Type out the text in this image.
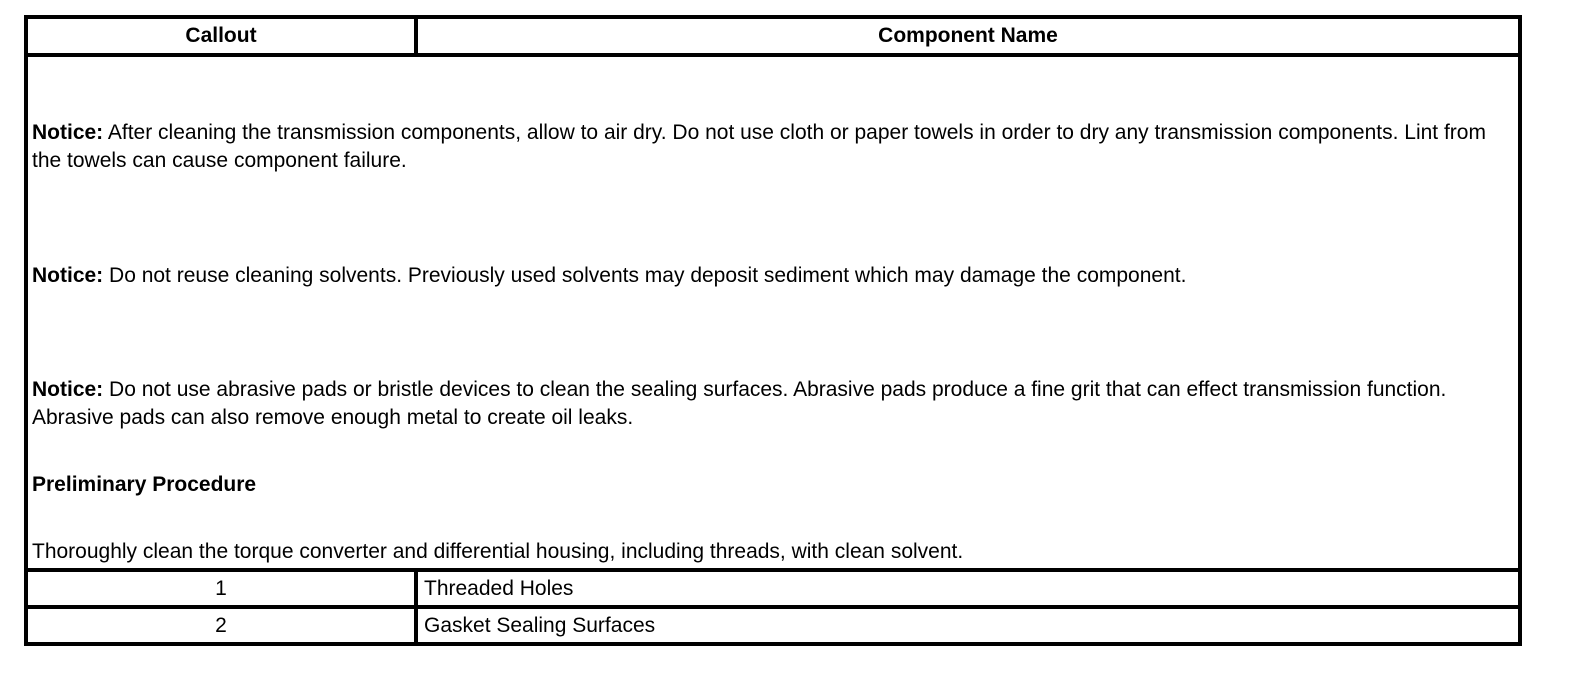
Callout	Component Name

Notice: After cleaning the transmission components, allow to air dry. Do not use cloth or paper towels in order to dry any transmission components. Lint from the towels can cause component failure.

Notice: Do not reuse cleaning solvents. Previously used solvents may deposit sediment which may damage the component.

Notice: Do not use abrasive pads or bristle devices to clean the sealing surfaces. Abrasive pads produce a fine grit that can effect transmission function. Abrasive pads can also remove enough metal to create oil leaks.

Preliminary Procedure

Thoroughly clean the torque converter and differential housing, including threads, with clean solvent.	

1	Threaded Holes
2	Gasket Sealing Surfaces
